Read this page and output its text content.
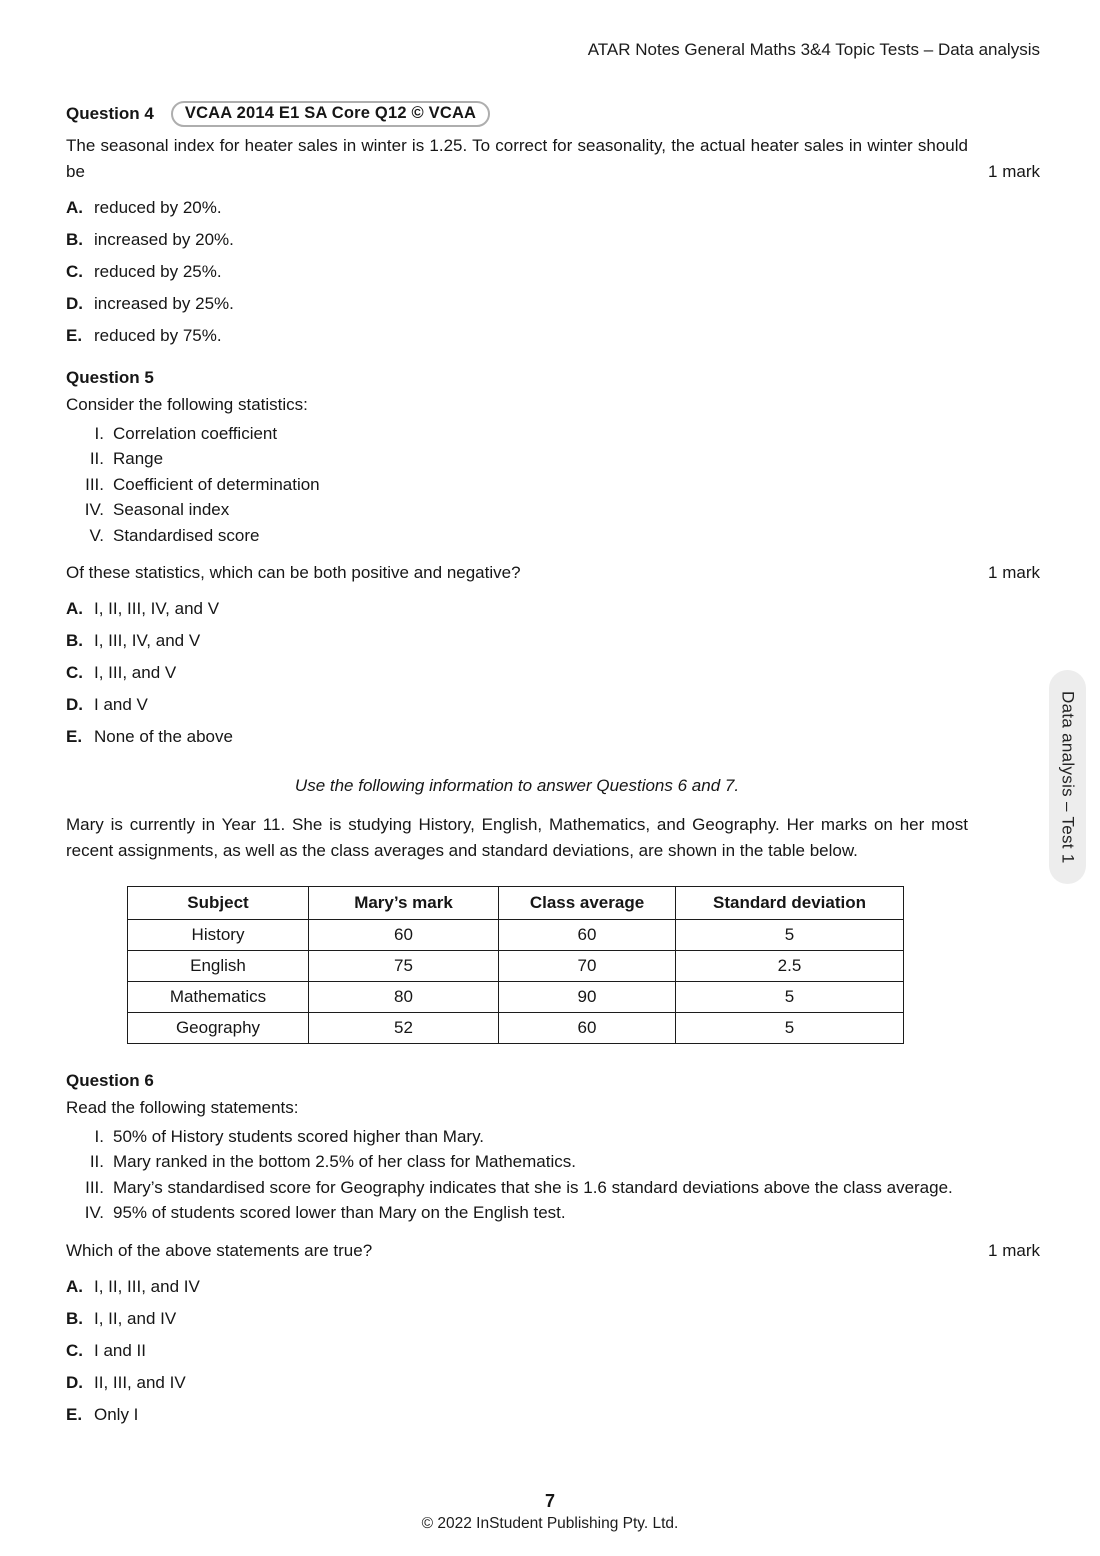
ATAR Notes General Maths 3&4 Topic Tests – Data analysis
Question 4	VCAA 2014 E1 SA Core Q12 © VCAA

The seasonal index for heater sales in winter is 1.25. To correct for seasonality, the actual heater sales in winter should be	1 mark
A. reduced by 20%.
B. increased by 20%.
C. reduced by 25%.
D. increased by 25%.
E. reduced by 75%.
Question 5

Consider the following statistics:

I. Correlation coefficient
II. Range
III. Coefficient of determination
IV. Seasonal index
V. Standardised score
Of these statistics, which can be both positive and negative?	1 mark
A. I, II, III, IV, and V
B. I, III, IV, and V
C. I, III, and V
D. I and V
E. None of the above
Use the following information to answer Questions 6 and 7.

Mary is currently in Year 11. She is studying History, English, Mathematics, and Geography. Her marks on her most recent assignments, as well as the class averages and standard deviations, are shown in the table below.

Subject	Mary’s mark	Class average	Standard deviation
History	60	60	5
English	75	70	2.5
Mathematics	80	90	5
Geography	52	60	5
Question 6

Read the following statements:

I. 50% of History students scored higher than Mary.
II. Mary ranked in the bottom 2.5% of her class for Mathematics.
III. Mary’s standardised score for Geography indicates that she is 1.6 standard deviations above the class average.
IV. 95% of students scored lower than Mary on the English test.
Which of the above statements are true?	1 mark
A. I, II, III, and IV
B. I, II, and IV
C. I and II
D. II, III, and IV
E. Only I
Data analysis – Test 1
7
© 2022 InStudent Publishing Pty. Ltd.
